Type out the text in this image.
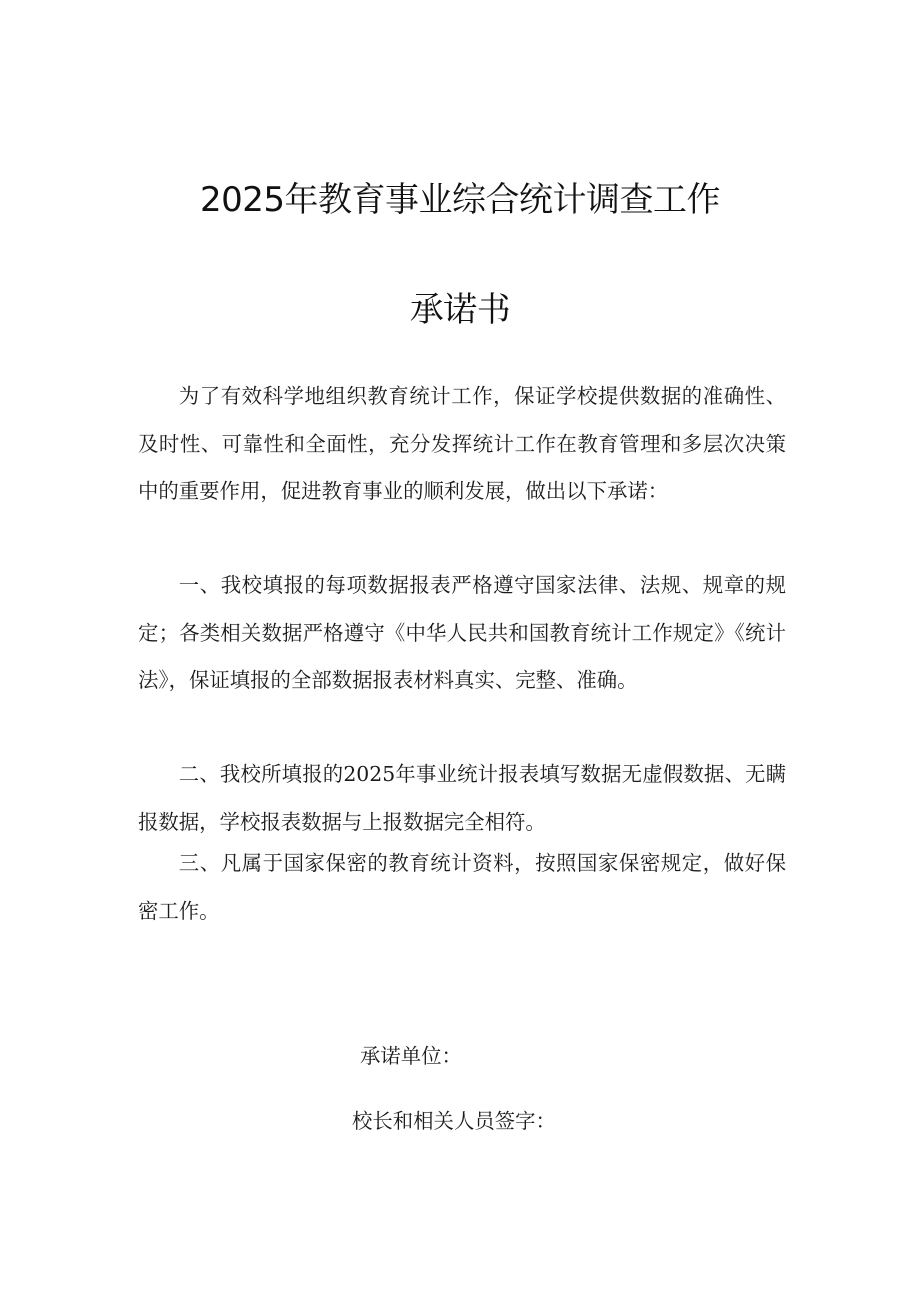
2025年教育事业综合统计调查工作
承诺书

为了有效科学地组织教育统计工作，保证学校提供数据的准确性、及时性、可靠性和全面性，充分发挥统计工作在教育管理和多层次决策中的重要作用，促进教育事业的顺利发展，做出以下承诺：

一、我校填报的每项数据报表严格遵守国家法律、法规、规章的规定；各类相关数据严格遵守《中华人民共和国教育统计工作规定》《统计法》，保证填报的全部数据报表材料真实、完整、准确。

二、我校所填报的2025年事业统计报表填写数据无虚假数据、无瞒报数据，学校报表数据与上报数据完全相符。

三、凡属于国家保密的教育统计资料，按照国家保密规定，做好保密工作。

承诺单位：

校长和相关人员签字：
